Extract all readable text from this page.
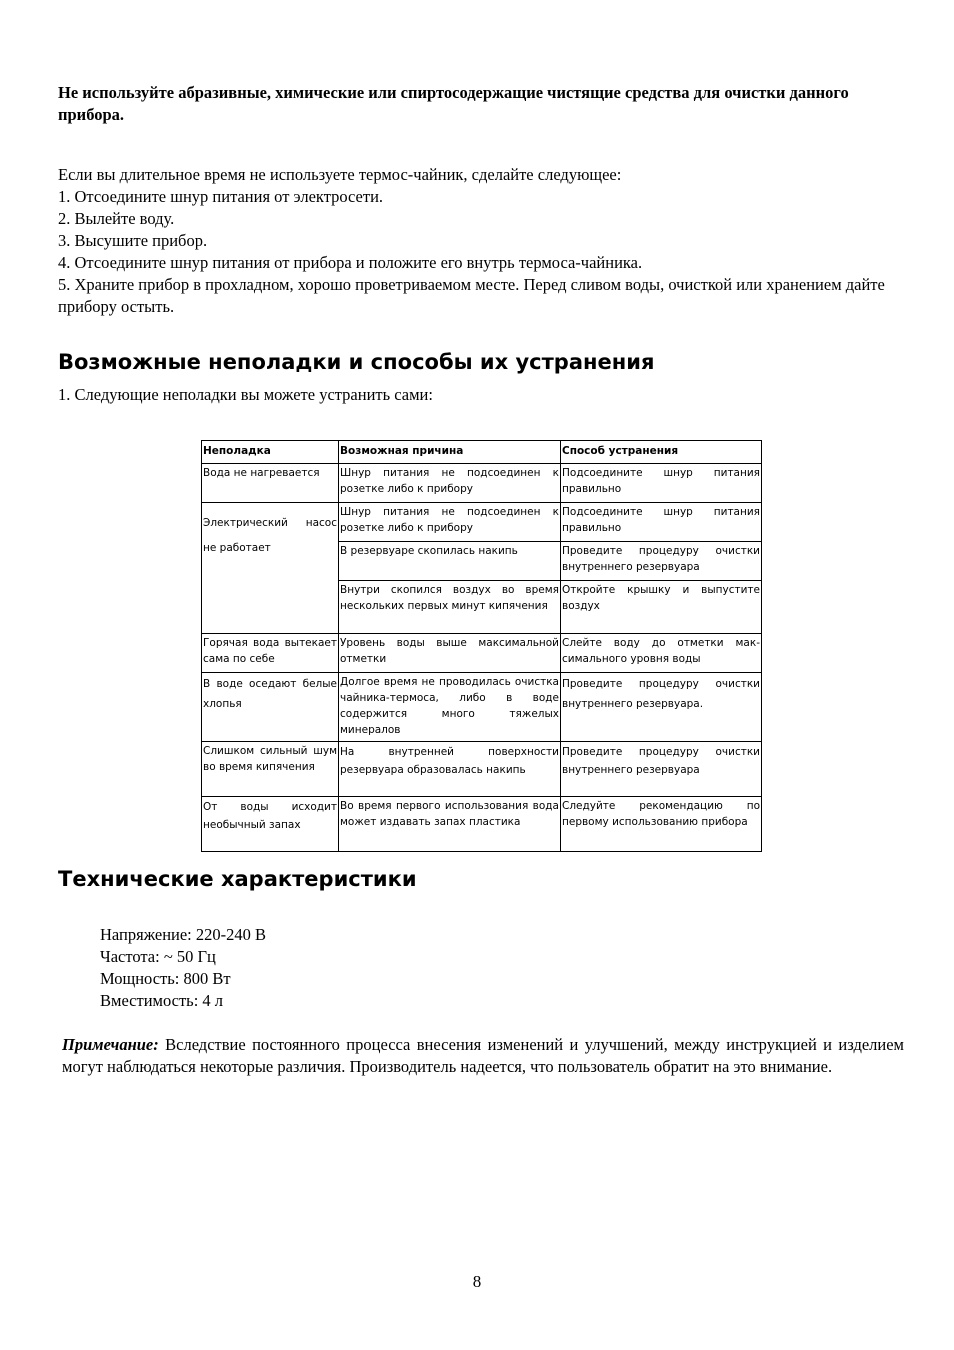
Не используйте абразивные, химические или спиртосодержащие чистящие средства для очистки данного прибора.

Если вы длительное время не используете термос-чайник, сделайте следующее:

1. Отсоедините шнур питания от электросети.

2. Вылейте воду.

3. Высушите прибор.

4. Отсоедините шнур питания от прибора и положите его внутрь термоса-чайника.

5. Храните прибор в прохладном, хорошо проветриваемом месте. Перед сливом воды, очисткой или хранением дайте прибору остыть.

Возможные неполадки и способы их устранения

1. Следующие неполадки вы можете устранить сами:

Неполадка	Возможная причина	Способ устранения
Вода не нагревается	Шнур питания не подсоединен к розетке либо к прибору	Подсоедините шнур питания правильно
Электрический насос не работает	Шнур питания не подсоединен к розетке либо к прибору	Подсоедините шнур питания правильно
	В резервуаре скопилась накипь	Проведите процедуру очистки внутреннего резервуара
	Внутри скопился воздух во время нескольких первых минут кипячения	Откройте крышку и выпустите воздух
Горячая вода вытекает сама по себе	Уровень воды выше максимальной отметки	Слейте воду до отметки мак-симального уровня воды
В воде оседают белые хлопья	Долгое время не проводилась очистка чайника-термоса, либо в воде содержится много тяжелых минералов	Проведите процедуру очистки внутреннего резервуара.
Слишком сильный шум во время кипячения	На внутренней поверхности резервуара образовалась накипь	Проведите процедуру очистки внутреннего резервуара
От воды исходит необычный запах	Во время первого использования вода может издавать запах пластика	Следуйте рекомендацию по первому использованию прибора
Технические характеристики
Напряжение: 220-240 В
Частота: ~ 50 Гц
Мощность: 800 Вт
Вместимость: 4 л
Примечание: Вследствие постоянного процесса внесения изменений и улучшений, между инструкцией и изделием могут наблюдаться некоторые различия. Производитель надеется, что пользователь обратит на это внимание.
8
